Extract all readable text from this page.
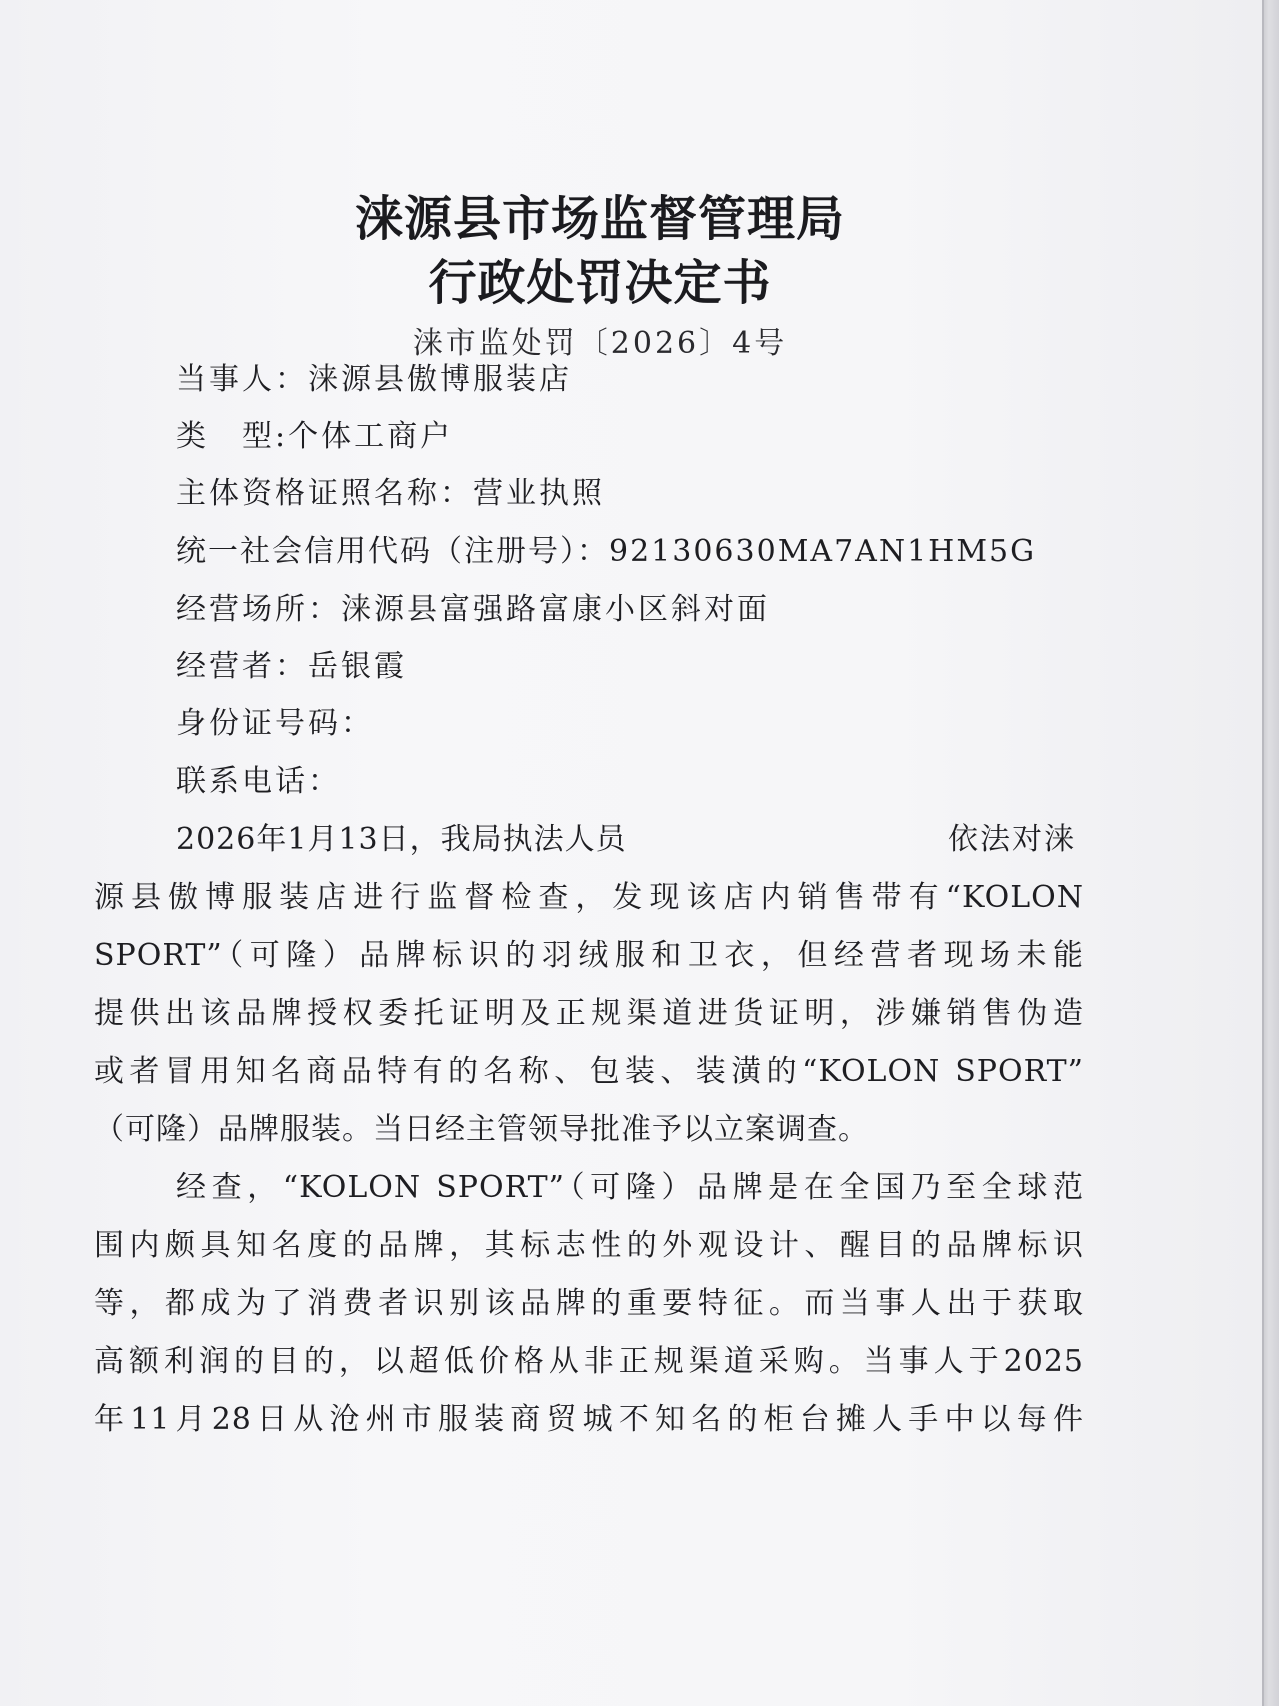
涞源县市场监督管理局
行政处罚决定书
涞市监处罚〔2026〕4号
当事人：涞源县傲博服装店
类　型:个体工商户
主体资格证照名称：营业执照
统一社会信用代码（注册号）：92130630MA7AN1HM5G
经营场所：涞源县富强路富康小区斜对面
经营者：岳银霞
身份证号码：
联系电话：
2026年1月13日，我局执法人员	依法对涞
源县傲博服装店进行监督检查，发现该店内销售带有“KOLON
SPORT”（可隆）品牌标识的羽绒服和卫衣，但经营者现场未能
提供出该品牌授权委托证明及正规渠道进货证明，涉嫌销售伪造
或者冒用知名商品特有的名称、包装、装潢的“KOLON SPORT”
（可隆）品牌服装。当日经主管领导批准予以立案调查。
经查，“KOLON SPORT”（可隆）品牌是在全国乃至全球范
围内颇具知名度的品牌，其标志性的外观设计、醒目的品牌标识
等，都成为了消费者识别该品牌的重要特征。而当事人出于获取
高额利润的目的，以超低价格从非正规渠道采购。当事人于2025
年11月28日从沧州市服装商贸城不知名的柜台摊人手中以每件
